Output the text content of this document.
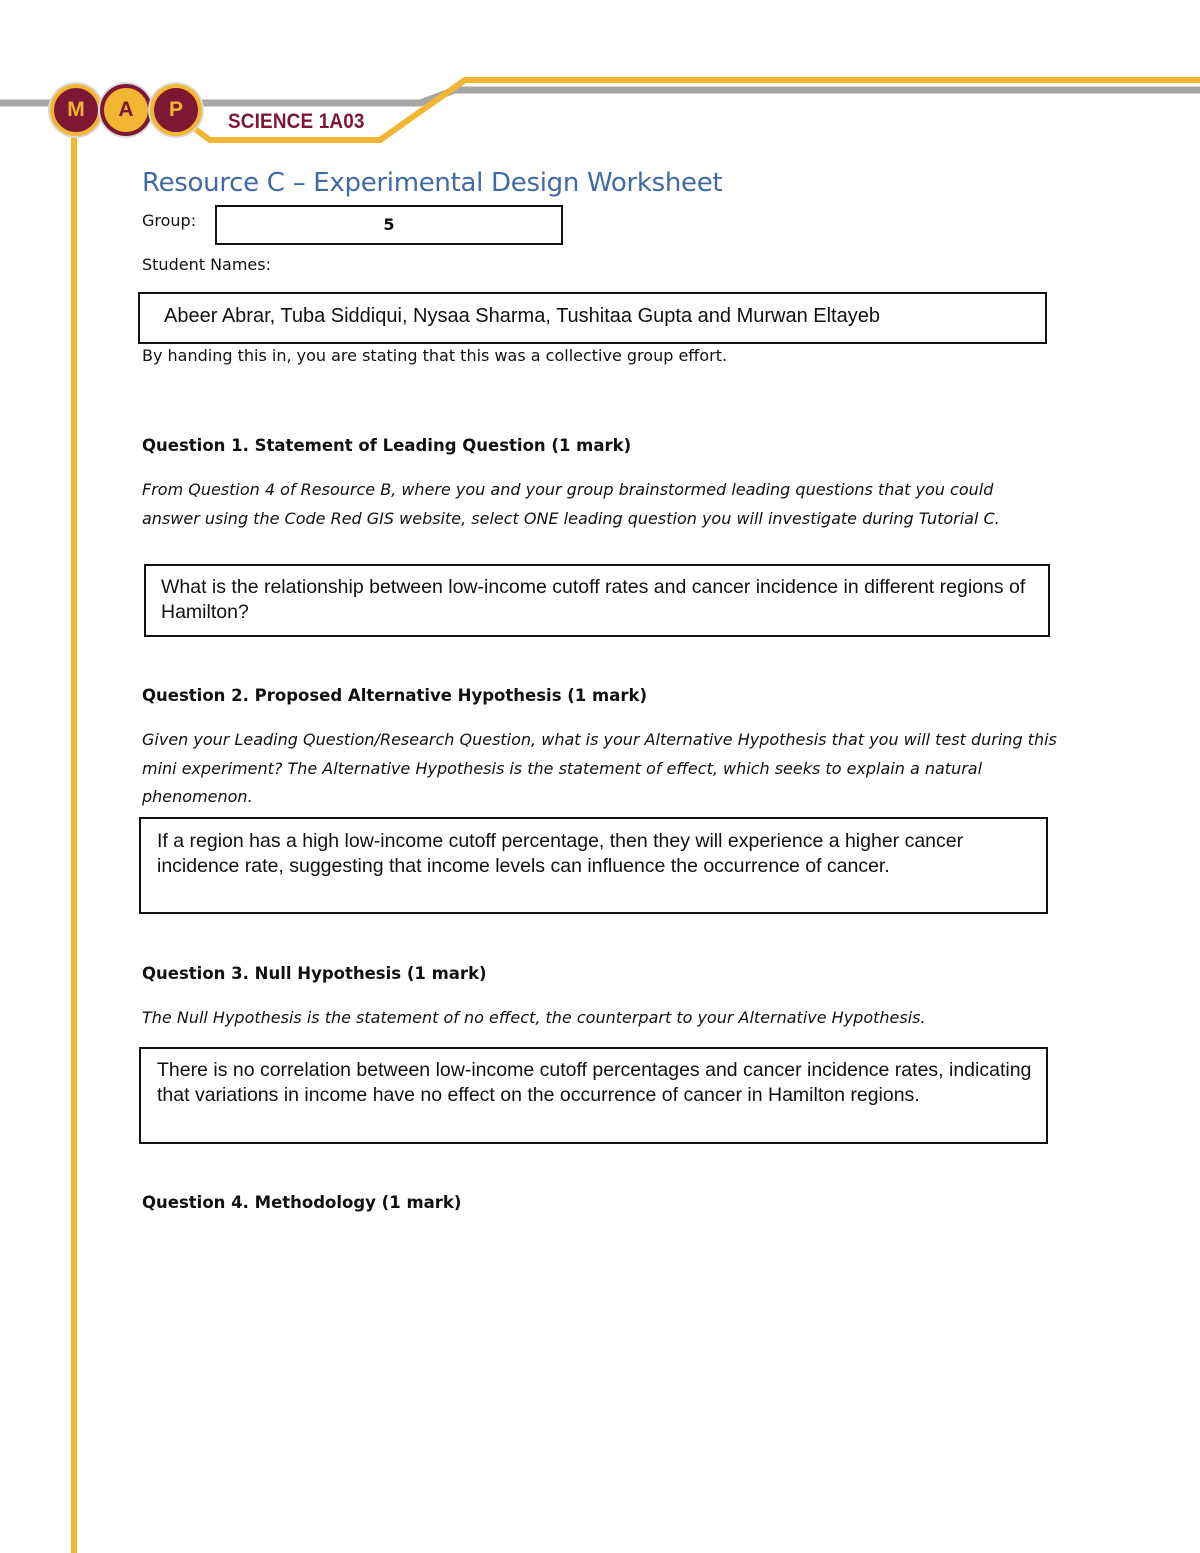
M	A	P
SCIENCE 1A03
Resource C – Experimental Design Worksheet
Group:	5
Student Names:
Abeer Abrar, Tuba Siddiqui, Nysaa Sharma, Tushitaa Gupta and Murwan Eltayeb
By handing this in, you are stating that this was a collective group effort.
Question 1. Statement of Leading Question (1 mark)
From Question 4 of Resource B, where you and your group brainstormed leading questions that you could answer using the Code Red GIS website, select ONE leading question you will investigate during Tutorial C.
What is the relationship between low-income cutoff rates and cancer incidence in different regions of Hamilton?
Question 2. Proposed Alternative Hypothesis (1 mark)
Given your Leading Question/Research Question, what is your Alternative Hypothesis that you will test during this mini experiment? The Alternative Hypothesis is the statement of effect, which seeks to explain a natural phenomenon.
If a region has a high low-income cutoff percentage, then they will experience a higher cancer incidence rate, suggesting that income levels can influence the occurrence of cancer.
Question 3. Null Hypothesis (1 mark)
The Null Hypothesis is the statement of no effect, the counterpart to your Alternative Hypothesis.
There is no correlation between low-income cutoff percentages and cancer incidence rates, indicating that variations in income have no effect on the occurrence of cancer in Hamilton regions.
Question 4. Methodology (1 mark)
